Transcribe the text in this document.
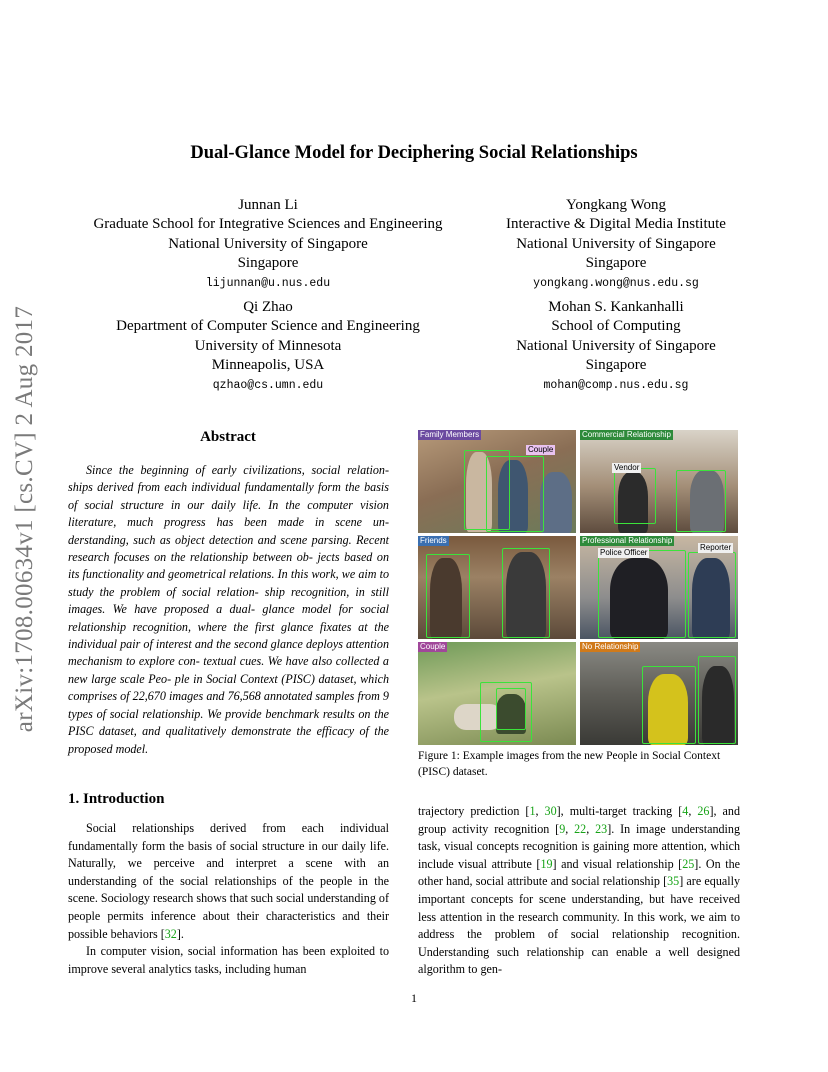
Dual-Glance Model for Deciphering Social Relationships
arXiv:1708.00634v1 [cs.CV] 2 Aug 2017
Junnan Li
Graduate School for Integrative Sciences and Engineering
National University of Singapore
Singapore
lijunnan@u.nus.edu
Yongkang Wong
Interactive & Digital Media Institute
National University of Singapore
Singapore
yongkang.wong@nus.edu.sg
Qi Zhao
Department of Computer Science and Engineering
University of Minnesota
Minneapolis, USA
qzhao@cs.umn.edu
Mohan S. Kankanhalli
School of Computing
National University of Singapore
Singapore
mohan@comp.nus.edu.sg
Abstract
Since the beginning of early civilizations, social relation- ships derived from each individual fundamentally form the basis of social structure in our daily life. In the computer vision literature, much progress has been made in scene un- derstanding, such as object detection and scene parsing. Recent research focuses on the relationship between ob- jects based on its functionality and geometrical relations. In this work, we aim to study the problem of social relation- ship recognition, in still images. We have proposed a dual- glance model for social relationship recognition, where the first glance fixates at the individual pair of interest and the second glance deploys attention mechanism to explore con- textual cues. We have also collected a new large scale Peo- ple in Social Context (PISC) dataset, which comprises of 22,670 images and 76,568 annotated samples from 9 types of social relationship. We provide benchmark results on the PISC dataset, and qualitatively demonstrate the efficacy of the proposed model.
Family Members
Couple
Commercial Relationship
Vendor
Friends	Professional Relationship
Police Officer
Reporter
Couple	No Relationship
Figure 1: Example images from the new People in Social Context (PISC) dataset.
1. Introduction

Social relationships derived from each individual fundamentally form the basis of social structure in our daily life. Naturally, we perceive and interpret a scene with an understanding of the social relationships of the people in the scene. Sociology research shows that such social understanding of people permits inference about their characteristics and their possible behaviors [32].

In computer vision, social information has been exploited to improve several analytics tasks, including human

trajectory prediction [1, 30], multi-target tracking [4, 26], and group activity recognition [9, 22, 23]. In image understanding task, visual concepts recognition is gaining more attention, which include visual attribute [19] and visual relationship [25]. On the other hand, social attribute and social relationship [35] are equally important concepts for scene understanding, but have received less attention in the research community. In this work, we aim to address the problem of social relationship recognition. Understanding such relationship can enable a well designed algorithm to gen-

1
